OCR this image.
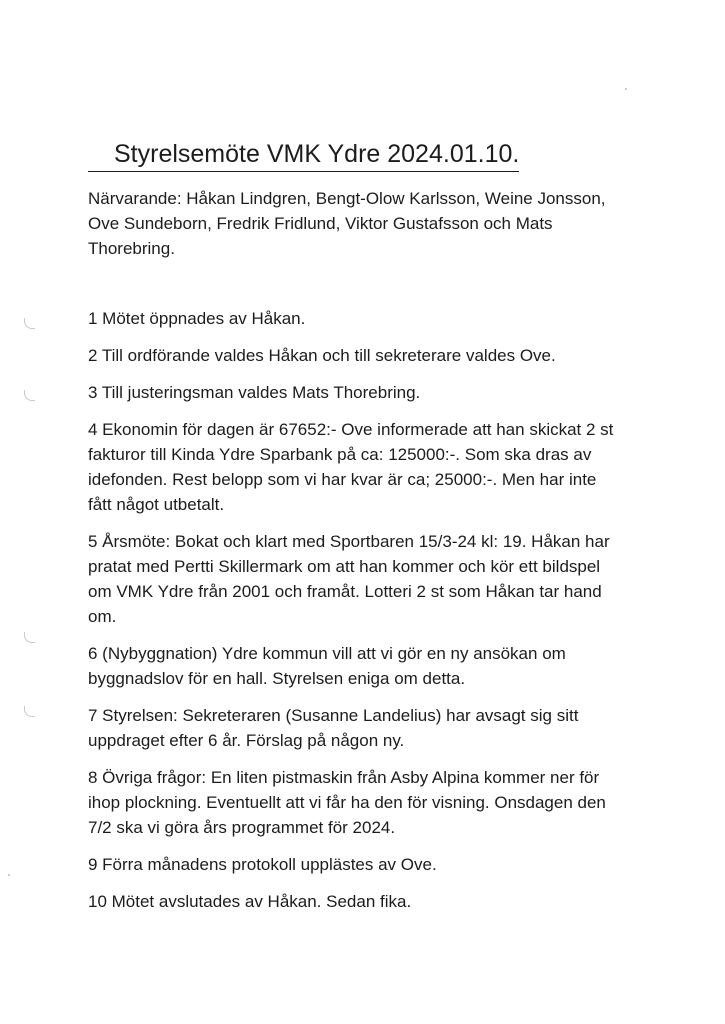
Styrelsemöte VMK Ydre 2024.01.10.
Närvarande: Håkan Lindgren, Bengt-Olow Karlsson, Weine Jonsson,
Ove Sundeborn, Fredrik Fridlund, Viktor Gustafsson och Mats
Thorebring.
1 Mötet öppnades av Håkan.
2 Till ordförande valdes Håkan och till sekreterare valdes Ove.
3 Till justeringsman valdes Mats Thorebring.
4 Ekonomin för dagen är 67652:- Ove informerade att han skickat 2 st
fakturor till Kinda Ydre Sparbank på ca: 125000:-. Som ska dras av
idefonden. Rest belopp som vi har kvar är ca; 25000:-. Men har inte
fått något utbetalt.
5 Årsmöte: Bokat och klart med Sportbaren 15/3-24 kl: 19. Håkan har
pratat med Pertti Skillermark om att han kommer och kör ett bildspel
om VMK Ydre från 2001 och framåt. Lotteri 2 st som Håkan tar hand
om.
6 (Nybyggnation) Ydre kommun vill att vi gör en ny ansökan om
byggnadslov för en hall. Styrelsen eniga om detta.
7 Styrelsen: Sekreteraren (Susanne Landelius) har avsagt sig sitt
uppdraget efter 6 år. Förslag på någon ny.
8 Övriga frågor: En liten pistmaskin från Asby Alpina kommer ner för
ihop plockning. Eventuellt att vi får ha den för visning. Onsdagen den
7/2 ska vi göra års programmet för 2024.
9 Förra månadens protokoll upplästes av Ove.
10 Mötet avslutades av Håkan. Sedan fika.
